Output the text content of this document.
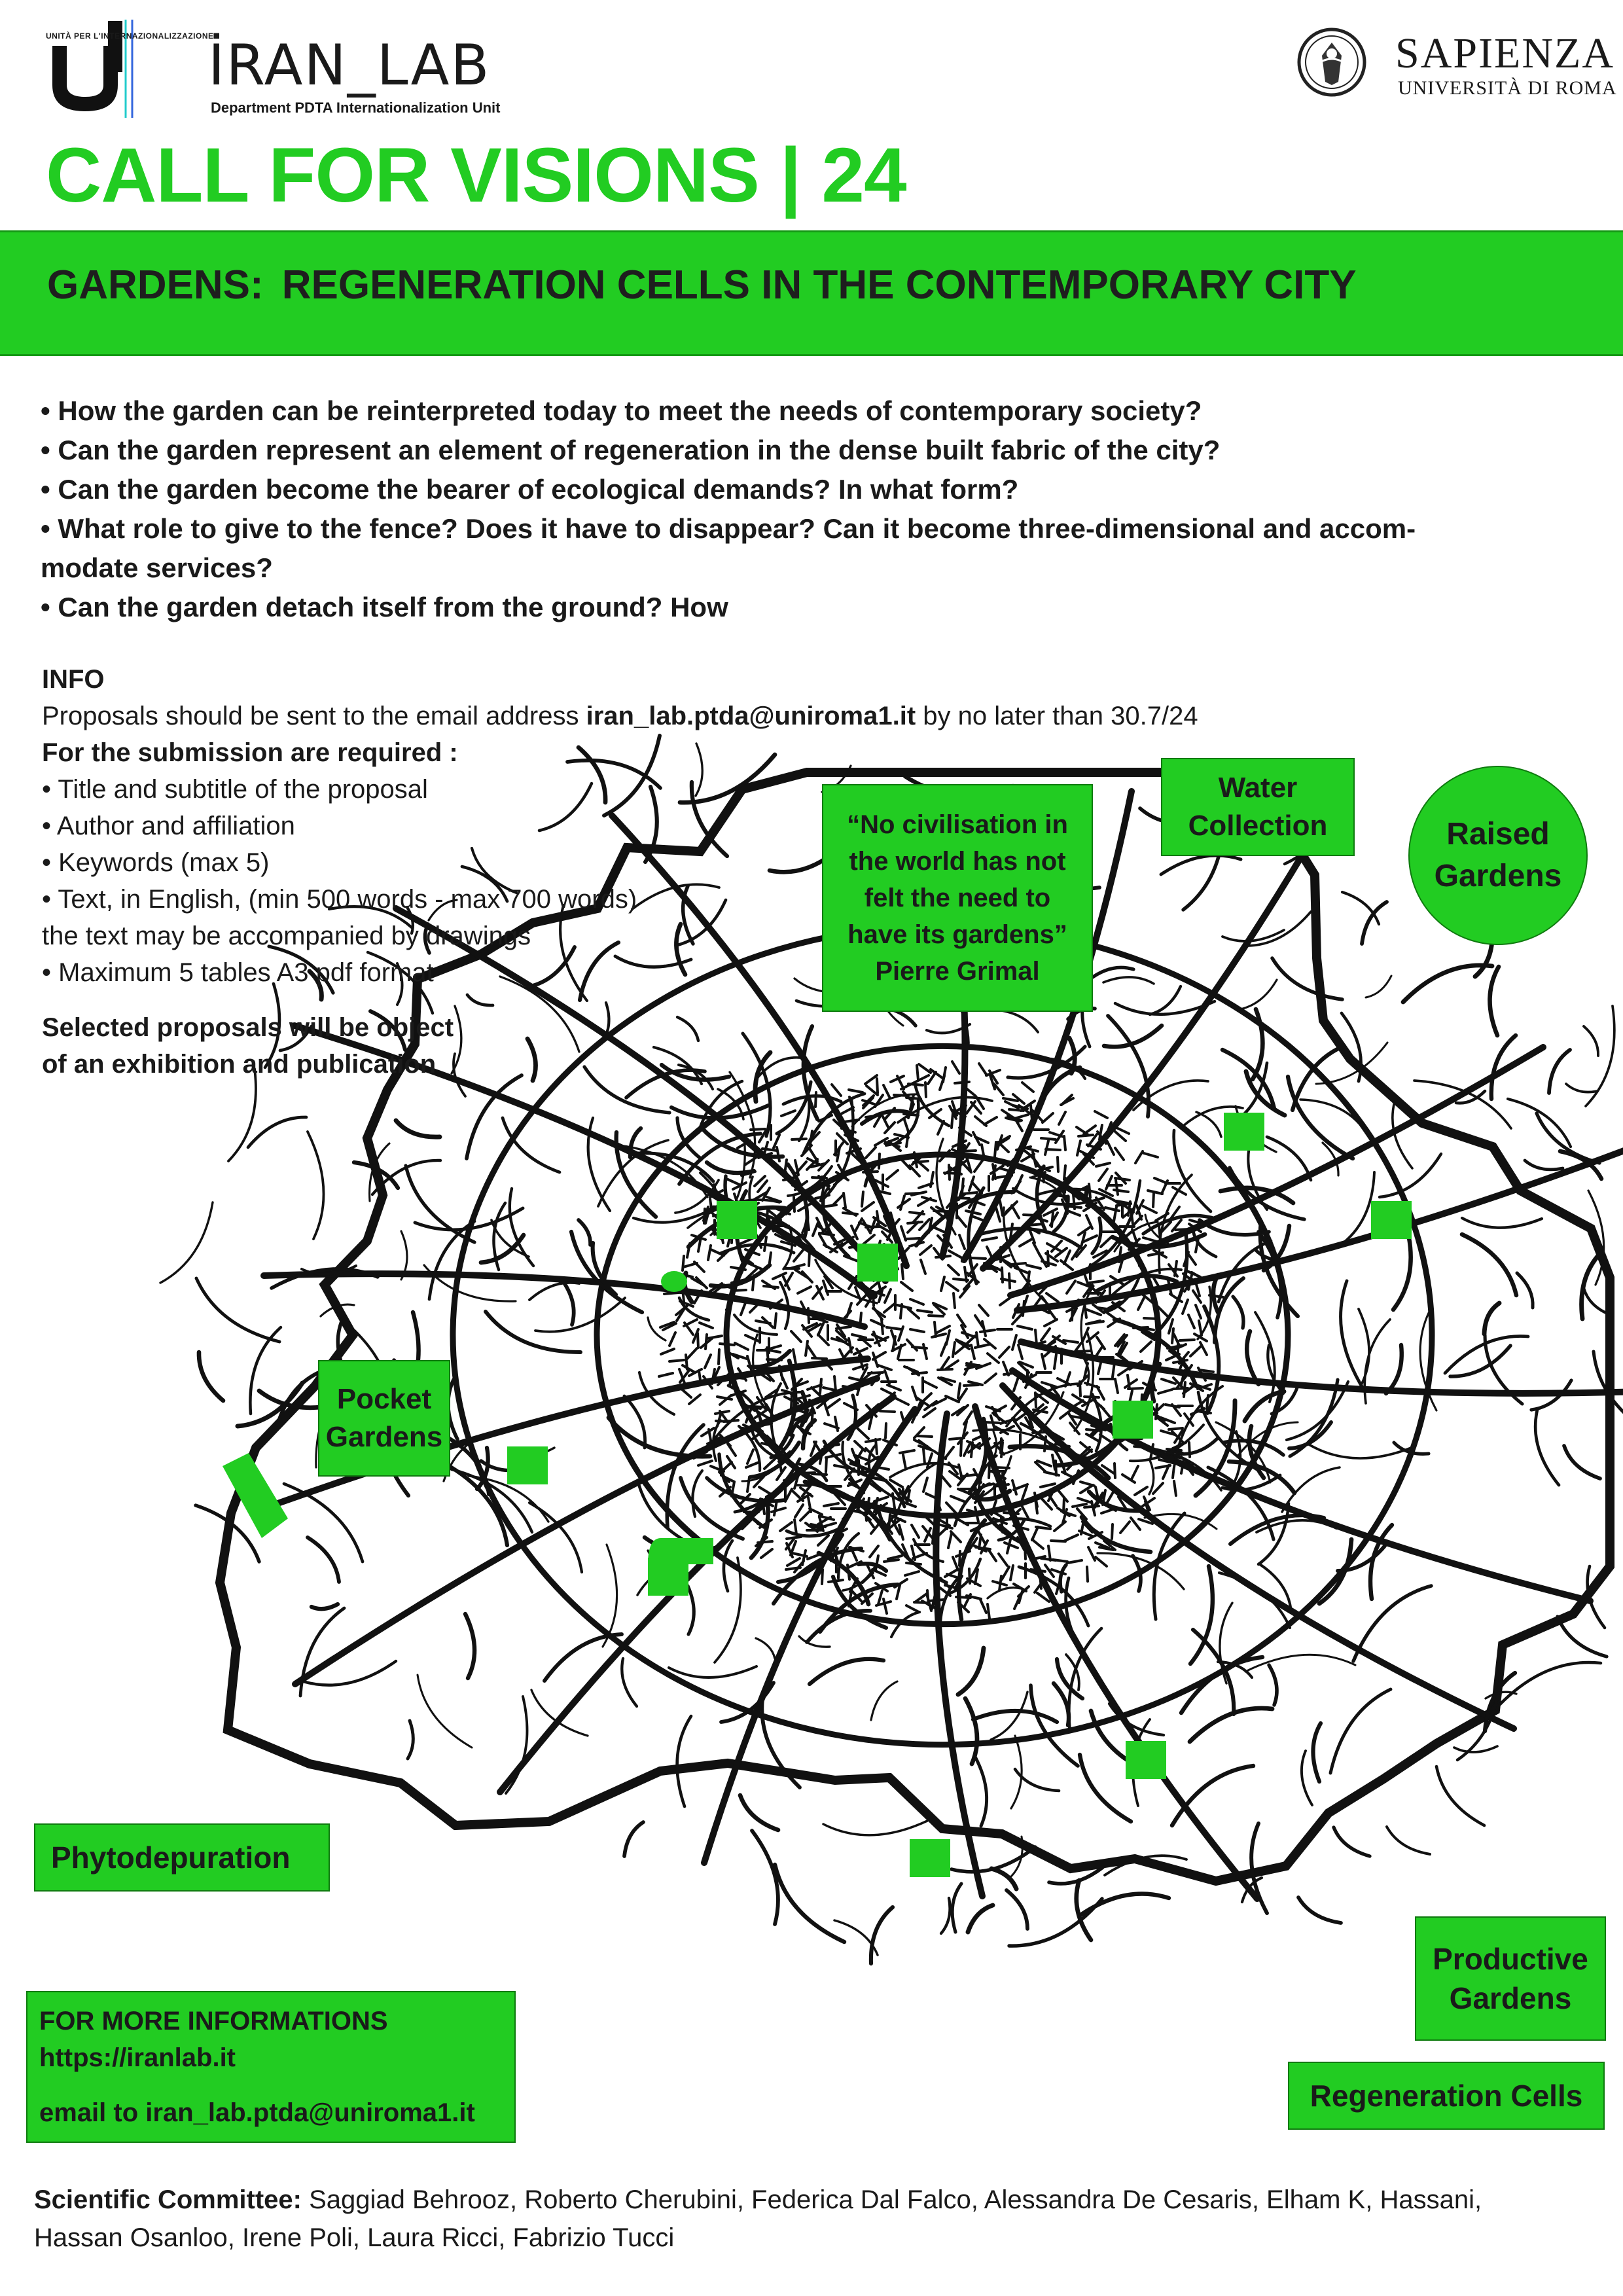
UNITÀ PER L'INTERNAZIONALIZZAZIONE
İRAN_LAB
Department PDTA Internationalization Unit
SAPIENZA
UNIVERSITÀ DI ROMA
CALL FOR VISIONS | 24
GARDENS: REGENERATION CELLS IN THE CONTEMPORARY CITY
• How the garden can be reinterpreted today to meet the needs of contemporary society?
• Can the garden represent an element of regeneration in the dense built fabric of the city?
• Can the garden become the bearer of ecological demands? In what form?
• What role to give to the fence? Does it have to disappear? Can it become three-dimensional and accom-
modate services?
• Can the garden detach itself from the ground? How
INFO
Proposals should be sent to the email address iran_lab.ptda@uniroma1.it by no later than 30.7/24
For the submission are required :
• Title and subtitle of the proposal
• Author and affiliation
• Keywords (max 5)
• Text, in English, (min 500 words - max 700 words)
the text may be accompanied by drawings
• Maximum 5 tables A3 pdf format
Selected proposals will be object
of an exhibition and publication
“No civilisation in
the world has not
felt the need to
have its gardens”
Pierre Grimal
Water
Collection	Raised
Gardens
Pocket
Gardens
Phytodepuration
Productive
Gardens
Regeneration Cells
FOR MORE INFORMATIONS
https://iranlab.it
email to iran_lab.ptda@uniroma1.it
Scientific Committee: Saggiad Behrooz, Roberto Cherubini, Federica Dal Falco, Alessandra De Cesaris, Elham K, Hassani,
Hassan Osanloo, Irene Poli, Laura Ricci, Fabrizio Tucci
